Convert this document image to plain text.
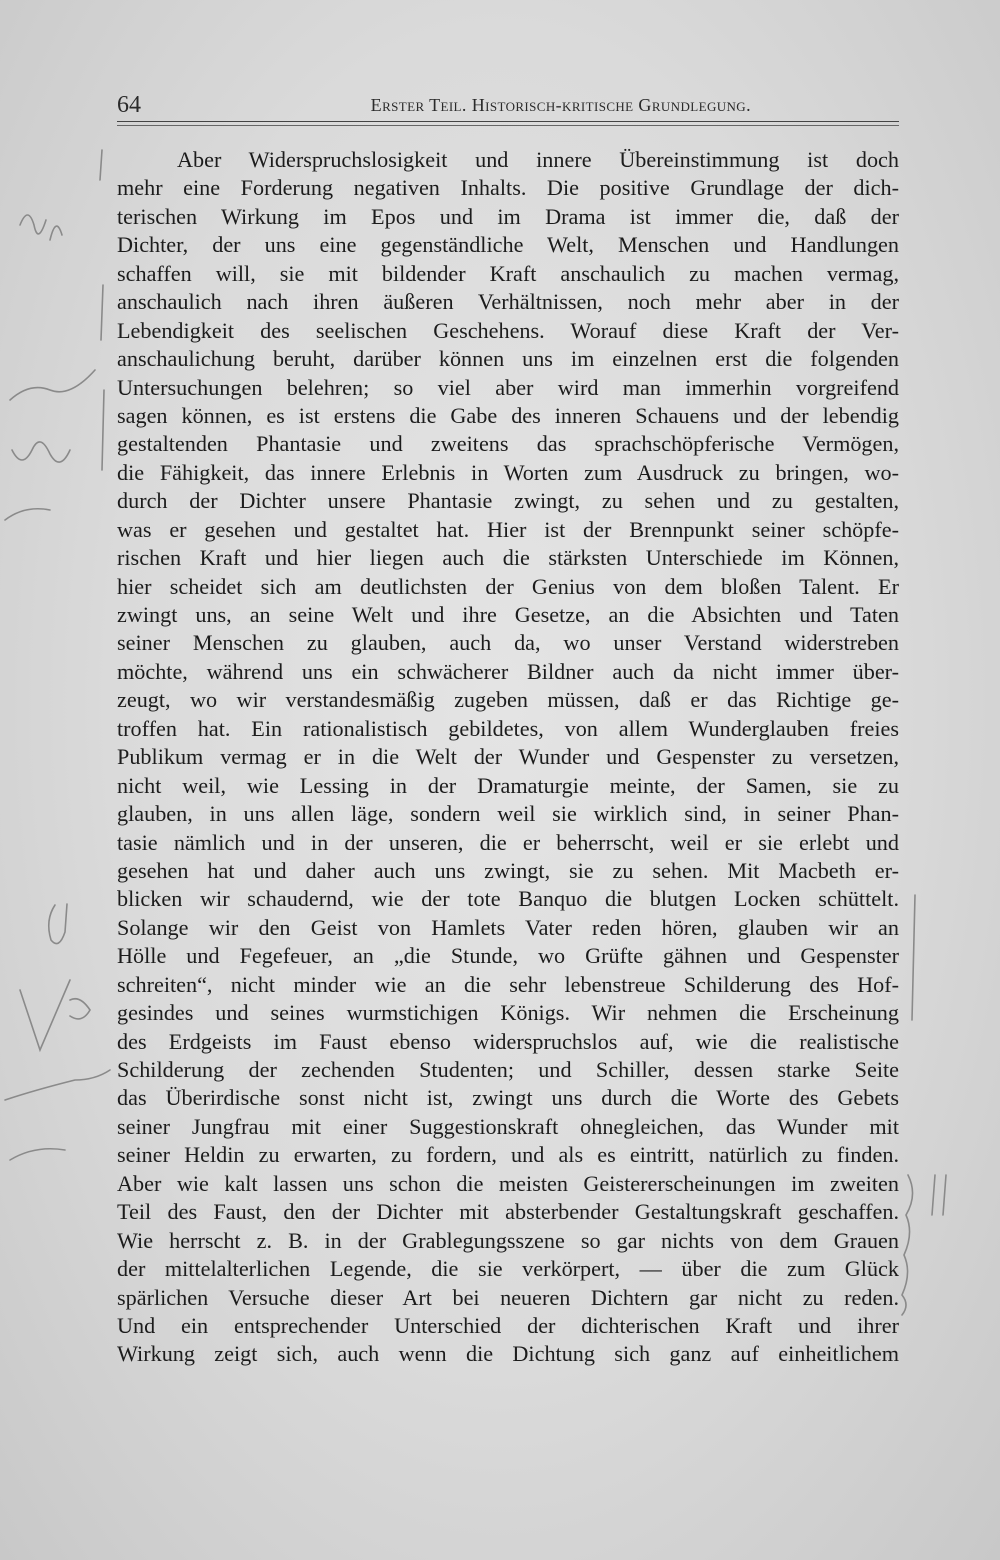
64	Erster Teil. Historisch-kritische Grundlegung.
Aber Widerspruchslosigkeit und innere Übereinstimmung ist doch
mehr eine Forderung negativen Inhalts. Die positive Grundlage der dich-
terischen Wirkung im Epos und im Drama ist immer die, daß der
Dichter, der uns eine gegenständliche Welt, Menschen und Handlungen
schaffen will, sie mit bildender Kraft anschaulich zu machen vermag,
anschaulich nach ihren äußeren Verhältnissen, noch mehr aber in der
Lebendigkeit des seelischen Geschehens. Worauf diese Kraft der Ver-
anschaulichung beruht, darüber können uns im einzelnen erst die folgenden
Untersuchungen belehren; so viel aber wird man immerhin vorgreifend
sagen können, es ist erstens die Gabe des inneren Schauens und der lebendig
gestaltenden Phantasie und zweitens das sprachschöpferische Vermögen,
die Fähigkeit, das innere Erlebnis in Worten zum Ausdruck zu bringen, wo-
durch der Dichter unsere Phantasie zwingt, zu sehen und zu gestalten,
was er gesehen und gestaltet hat. Hier ist der Brennpunkt seiner schöpfe-
rischen Kraft und hier liegen auch die stärksten Unterschiede im Können,
hier scheidet sich am deutlichsten der Genius von dem bloßen Talent. Er
zwingt uns, an seine Welt und ihre Gesetze, an die Absichten und Taten
seiner Menschen zu glauben, auch da, wo unser Verstand widerstreben
möchte, während uns ein schwächerer Bildner auch da nicht immer über-
zeugt, wo wir verstandesmäßig zugeben müssen, daß er das Richtige ge-
troffen hat. Ein rationalistisch gebildetes, von allem Wunderglauben freies
Publikum vermag er in die Welt der Wunder und Gespenster zu versetzen,
nicht weil, wie Lessing in der Dramaturgie meinte, der Samen, sie zu
glauben, in uns allen läge, sondern weil sie wirklich sind, in seiner Phan-
tasie nämlich und in der unseren, die er beherrscht, weil er sie erlebt und
gesehen hat und daher auch uns zwingt, sie zu sehen. Mit Macbeth er-
blicken wir schaudernd, wie der tote Banquo die blutgen Locken schüttelt.
Solange wir den Geist von Hamlets Vater reden hören, glauben wir an
Hölle und Fegefeuer, an „die Stunde, wo Grüfte gähnen und Gespenster
schreiten“, nicht minder wie an die sehr lebenstreue Schilderung des Hof-
gesindes und seines wurmstichigen Königs. Wir nehmen die Erscheinung
des Erdgeists im Faust ebenso widerspruchslos auf, wie die realistische
Schilderung der zechenden Studenten; und Schiller, dessen starke Seite
das Überirdische sonst nicht ist, zwingt uns durch die Worte des Gebets
seiner Jungfrau mit einer Suggestionskraft ohnegleichen, das Wunder mit
seiner Heldin zu erwarten, zu fordern, und als es eintritt, natürlich zu finden.
Aber wie kalt lassen uns schon die meisten Geistererscheinungen im zweiten
Teil des Faust, den der Dichter mit absterbender Gestaltungskraft geschaffen.
Wie herrscht z. B. in der Grablegungsszene so gar nichts von dem Grauen
der mittelalterlichen Legende, die sie verkörpert, — über die zum Glück
spärlichen Versuche dieser Art bei neueren Dichtern gar nicht zu reden.
Und ein entsprechender Unterschied der dichterischen Kraft und ihrer
Wirkung zeigt sich, auch wenn die Dichtung sich ganz auf einheitlichem
